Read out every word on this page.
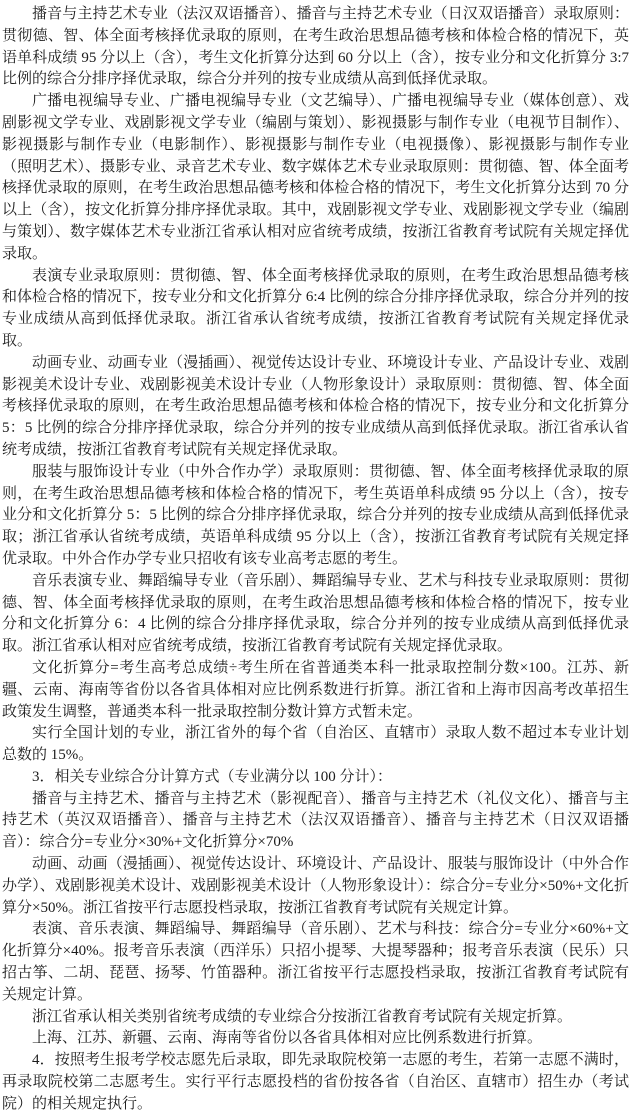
播音与主持艺术专业（法汉双语播音）、播音与主持艺术专业（日汉双语播音）录取原则：贯彻德、智、体全面考核择优录取的原则，在考生政治思想品德考核和体检合格的情况下，英语单科成绩 95 分以上（含），考生文化折算分达到 60 分以上（含），按专业分和文化折算分 3:7 比例的综合分排序择优录取，综合分并列的按专业成绩从高到低择优录取。

广播电视编导专业、广播电视编导专业（文艺编导）、广播电视编导专业（媒体创意）、戏剧影视文学专业、戏剧影视文学专业（编剧与策划）、影视摄影与制作专业（电视节目制作）、影视摄影与制作专业（电影制作）、影视摄影与制作专业（电视摄像）、影视摄影与制作专业（照明艺术）、摄影专业、录音艺术专业、数字媒体艺术专业录取原则：贯彻德、智、体全面考核择优录取的原则，在考生政治思想品德考核和体检合格的情况下，考生文化折算分达到 70 分以上（含），按文化折算分排序择优录取。其中，戏剧影视文学专业、戏剧影视文学专业（编剧与策划）、数字媒体艺术专业浙江省承认相对应省统考成绩，按浙江省教育考试院有关规定择优录取。

表演专业录取原则：贯彻德、智、体全面考核择优录取的原则，在考生政治思想品德考核和体检合格的情况下，按专业分和文化折算分 6:4 比例的综合分排序择优录取，综合分并列的按专业成绩从高到低择优录取。浙江省承认省统考成绩，按浙江省教育考试院有关规定择优录取。

动画专业、动画专业（漫插画）、视觉传达设计专业、环境设计专业、产品设计专业、戏剧影视美术设计专业、戏剧影视美术设计专业（人物形象设计）录取原则：贯彻德、智、体全面考核择优录取的原则，在考生政治思想品德考核和体检合格的情况下，按专业分和文化折算分 5：5 比例的综合分排序择优录取，综合分并列的按专业成绩从高到低择优录取。浙江省承认省统考成绩，按浙江省教育考试院有关规定择优录取。

服装与服饰设计专业（中外合作办学）录取原则：贯彻德、智、体全面考核择优录取的原则，在考生政治思想品德考核和体检合格的情况下，考生英语单科成绩 95 分以上（含），按专业分和文化折算分 5：5 比例的综合分排序择优录取，综合分并列的按专业成绩从高到低择优录取；浙江省承认省统考成绩，英语单科成绩 95 分以上（含），按浙江省教育考试院有关规定择优录取。中外合作办学专业只招收有该专业高考志愿的考生。

音乐表演专业、舞蹈编导专业（音乐剧）、舞蹈编导专业、艺术与科技专业录取原则：贯彻德、智、体全面考核择优录取的原则，在考生政治思想品德考核和体检合格的情况下，按专业分和文化折算分 6：4 比例的综合分排序择优录取，综合分并列的按专业成绩从高到低择优录取。浙江省承认相对应省统考成绩，按浙江省教育考试院有关规定择优录取。

文化折算分=考生高考总成绩÷考生所在省普通类本科一批录取控制分数×100。江苏、新疆、云南、海南等省份以各省具体相对应比例系数进行折算。浙江省和上海市因高考改革招生政策发生调整，普通类本科一批录取控制分数计算方式暂未定。

实行全国计划的专业，浙江省外的每个省（自治区、直辖市）录取人数不超过本专业计划总数的 15%。

3．相关专业综合分计算方式（专业满分以 100 分计）：

播音与主持艺术、播音与主持艺术（影视配音）、播音与主持艺术（礼仪文化）、播音与主持艺术（英汉双语播音）、播音与主持艺术（法汉双语播音）、播音与主持艺术（日汉双语播音）：综合分=专业分×30%+文化折算分×70%

动画、动画（漫插画）、视觉传达设计、环境设计、产品设计、服装与服饰设计（中外合作办学）、戏剧影视美术设计、戏剧影视美术设计（人物形象设计）：综合分=专业分×50%+文化折算分×50%。浙江省按平行志愿投档录取，按浙江省教育考试院有关规定计算。

表演、音乐表演、舞蹈编导、舞蹈编导（音乐剧）、艺术与科技：综合分=专业分×60%+文化折算分×40%。报考音乐表演（西洋乐）只招小提琴、大提琴器种；报考音乐表演（民乐）只招古筝、二胡、琵琶、扬琴、竹笛器种。浙江省按平行志愿投档录取，按浙江省教育考试院有关规定计算。

浙江省承认相关类别省统考成绩的专业综合分按浙江省教育考试院有关规定折算。

上海、江苏、新疆、云南、海南等省份以各省具体相对应比例系数进行折算。

4．按照考生报考学校志愿先后录取，即先录取院校第一志愿的考生，若第一志愿不满时，再录取院校第二志愿考生。实行平行志愿投档的省份按各省（自治区、直辖市）招生办（考试院）的相关规定执行。
